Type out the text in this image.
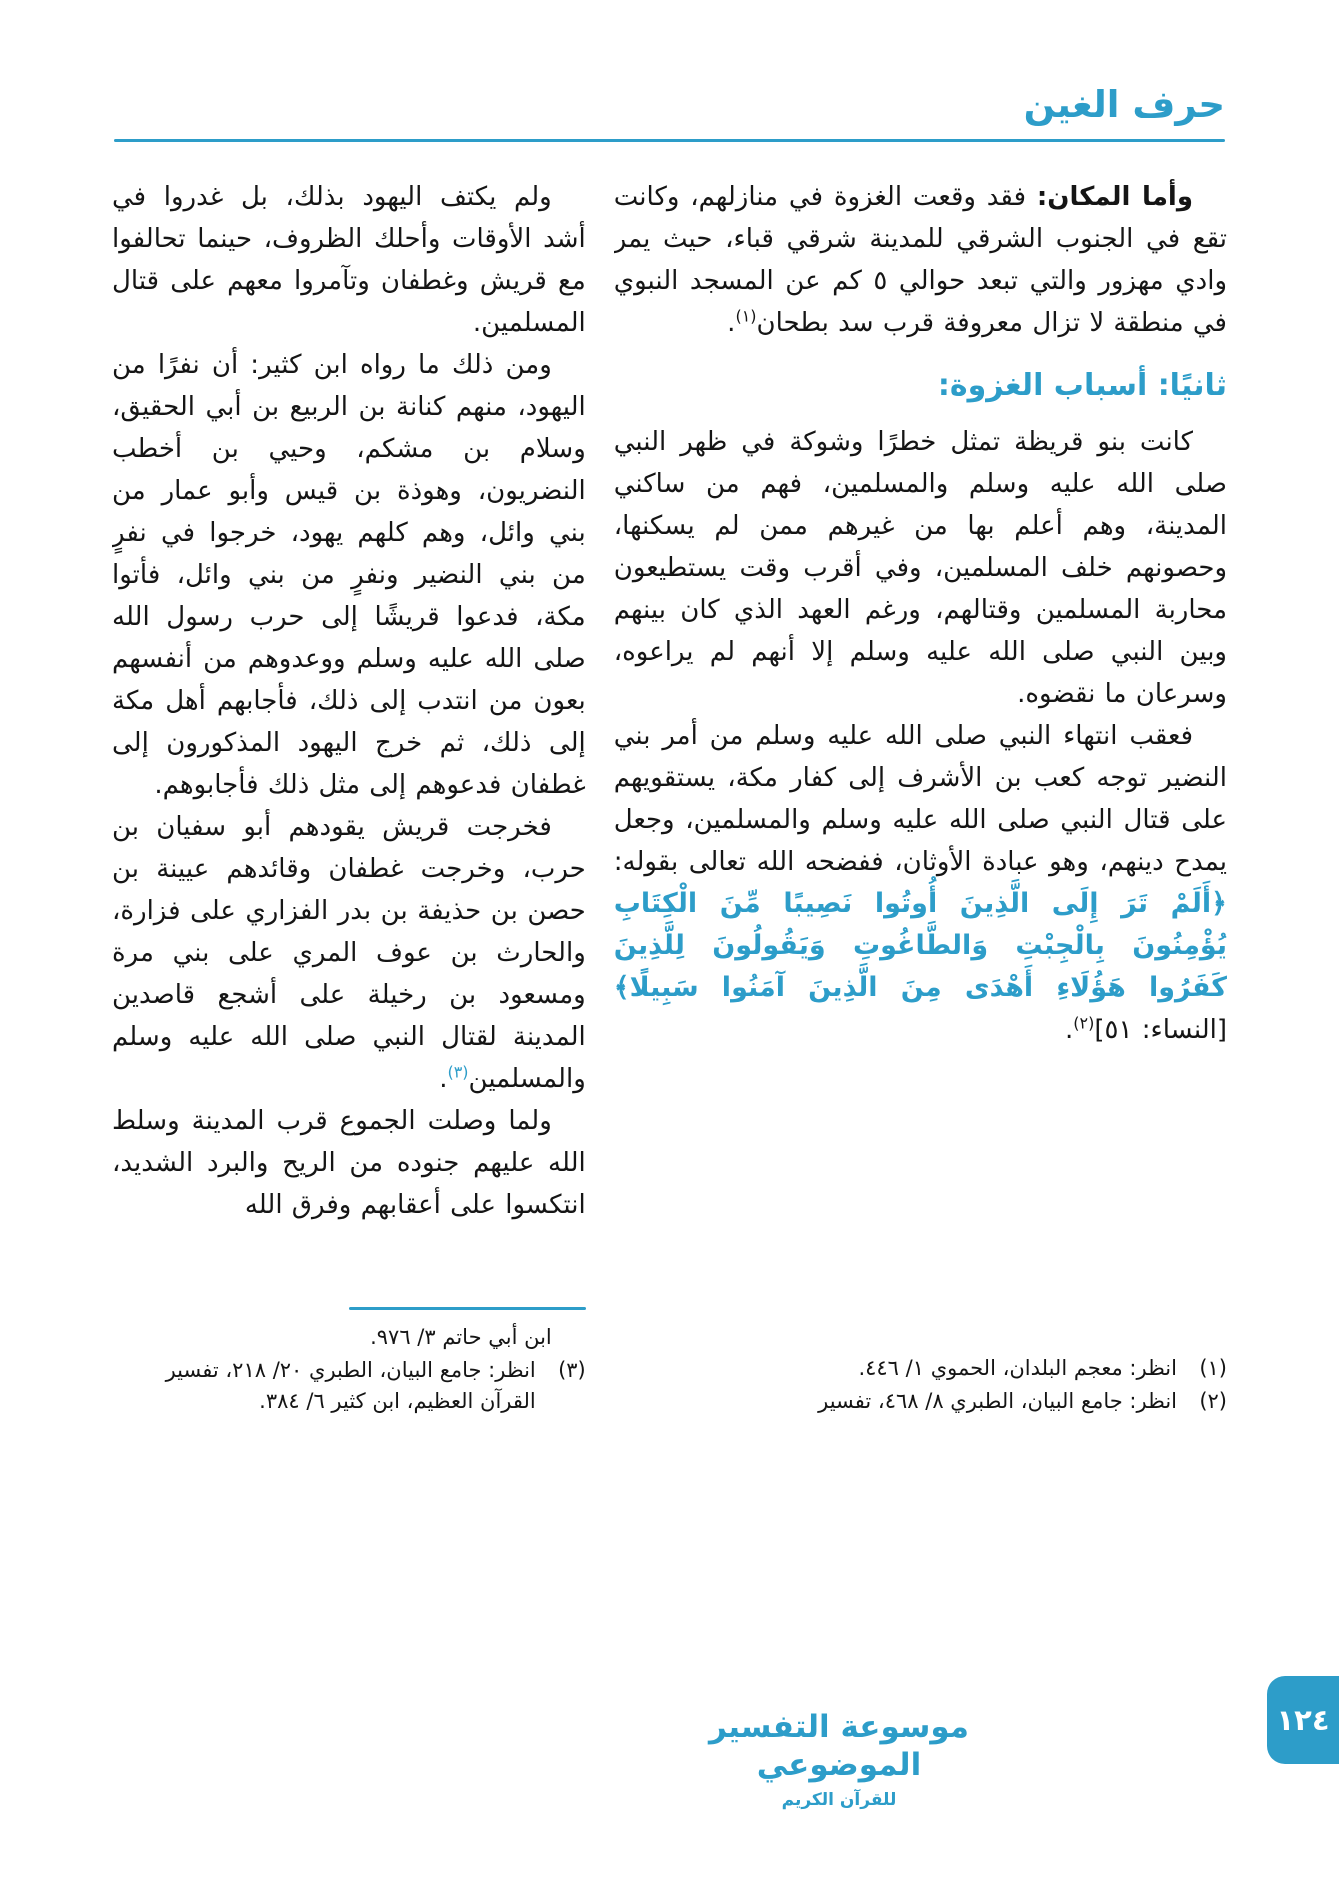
حرف الغين

وأما المكان: فقد وقعت الغزوة في منازلهم، وكانت تقع في الجنوب الشرقي للمدينة شرقي قباء، حيث يمر وادي مهزور والتي تبعد حوالي ٥ كم عن المسجد النبوي في منطقة لا تزال معروفة قرب سد بطحان$^{(١)}$.

ثانيًا: أسباب الغزوة:

كانت بنو قريظة تمثل خطرًا وشوكة في ظهر النبي صلى الله عليه وسلم والمسلمين، فهم من ساكني المدينة، وهم أعلم بها من غيرهم ممن لم يسكنها، وحصونهم خلف المسلمين، وفي أقرب وقت يستطيعون محاربة المسلمين وقتالهم، ورغم العهد الذي كان بينهم وبين النبي صلى الله عليه وسلم إلا أنهم لم يراعوه، وسرعان ما نقضوه.

فعقب انتهاء النبي صلى الله عليه وسلم من أمر بني النضير توجه كعب بن الأشرف إلى كفار مكة، يستقويهم على قتال النبي صلى الله عليه وسلم والمسلمين، وجعل يمدح دينهم، وهو عبادة الأوثان، ففضحه الله تعالى بقوله: ﴿أَلَمْ تَرَ إِلَى الَّذِينَ أُوتُوا نَصِيبًا مِّنَ الْكِتَابِ يُؤْمِنُونَ بِالْجِبْتِ وَالطَّاغُوتِ وَيَقُولُونَ لِلَّذِينَ كَفَرُوا هَؤُلَاءِ أَهْدَى مِنَ الَّذِينَ آمَنُوا سَبِيلًا﴾ [النساء: ٥١]$^{(٢)}$.

(١)
انظر: معجم البلدان، الحموي ١/ ٤٤٦.
(٢)
انظر: جامع البيان، الطبري ٨/ ٤٦٨، تفسير

ولم يكتف اليهود بذلك، بل غدروا في أشد الأوقات وأحلك الظروف، حينما تحالفوا مع قريش وغطفان وتآمروا معهم على قتال المسلمين.

ومن ذلك ما رواه ابن كثير: أن نفرًا من اليهود، منهم كنانة بن الربيع بن أبي الحقيق، وسلام بن مشكم، وحيي بن أخطب النضريون، وهوذة بن قيس وأبو عمار من بني وائل، وهم كلهم يهود، خرجوا في نفرٍ من بني النضير ونفرٍ من بني وائل، فأتوا مكة، فدعوا قريشًا إلى حرب رسول الله صلى الله عليه وسلم ووعدوهم من أنفسهم بعون من انتدب إلى ذلك، فأجابهم أهل مكة إلى ذلك، ثم خرج اليهود المذكورون إلى غطفان فدعوهم إلى مثل ذلك فأجابوهم.

فخرجت قريش يقودهم أبو سفيان بن حرب، وخرجت غطفان وقائدهم عيينة بن حصن بن حذيفة بن بدر الفزاري على فزارة، والحارث بن عوف المري على بني مرة ومسعود بن رخيلة على أشجع قاصدين المدينة لقتال النبي صلى الله عليه وسلم والمسلمين$^{(٣)}$.

ولما وصلت الجموع قرب المدينة وسلط الله عليهم جنوده من الريح والبرد الشديد، انتكسوا على أعقابهم وفرق الله

ابن أبي حاتم ٣/ ٩٧٦.
(٣)
انظر: جامع البيان، الطبري ٢٠/ ٢١٨، تفسير القرآن العظيم، ابن كثير ٦/ ٣٨٤.
موسوعة التفسير الموضوعي
للقرآن الكريم
١٢٤
